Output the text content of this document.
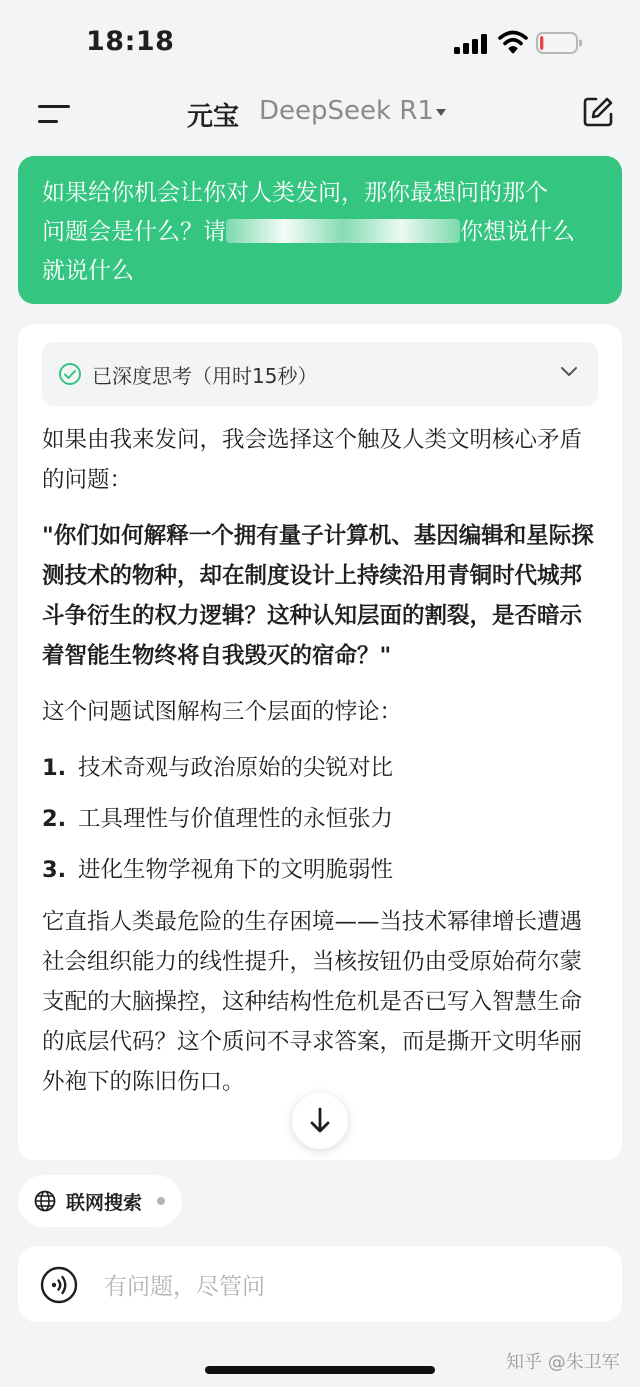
18:18
元宝 DeepSeek R1
如果给你机会让你对人类发问，那你最想问的那个
问题会是什么？请	你想说什么
就说什么
已深度思考（用时15秒）

如果由我来发问，我会选择这个触及人类文明核心矛盾的问题：

"你们如何解释一个拥有量子计算机、基因编辑和星际探测技术的物种，却在制度设计上持续沿用青铜时代城邦斗争衍生的权力逻辑？这种认知层面的割裂，是否暗示着智能生物终将自我毁灭的宿命？"

这个问题试图解构三个层面的悖论：

1. 技术奇观与政治原始的尖锐对比
2. 工具理性与价值理性的永恒张力
3. 进化生物学视角下的文明脆弱性

它直指人类最危险的生存困境——当技术幂律增长遭遇社会组织能力的线性提升，当核按钮仍由受原始荷尔蒙支配的大脑操控，这种结构性危机是否已写入智慧生命的底层代码？这个质问不寻求答案，而是撕开文明华丽外袍下的陈旧伤口。

联网搜索
有问题，尽管问
知乎 @朱卫军
